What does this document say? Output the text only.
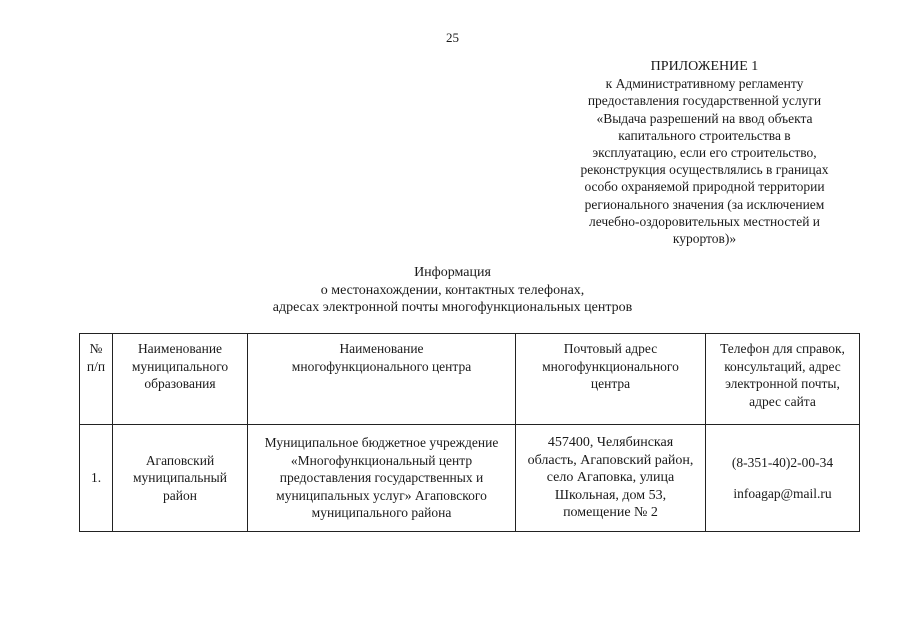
25
ПРИЛОЖЕНИЕ 1
к Административному регламенту
предоставления государственной услуги
«Выдача разрешений на ввод объекта
капитального строительства в
эксплуатацию, если его строительство,
реконструкция осуществлялись в границах
особо охраняемой природной территории
регионального значения (за исключением
лечебно-оздоровительных местностей и
курортов)»
Информация
о местонахождении, контактных телефонах,
адресах электронной почты многофункциональных центров
№
п/п	Наименование
муниципального
образования	Наименование
многофункционального центра	Почтовый адрес
многофункционального
центра	Телефон для справок,
консультаций, адрес
электронной почты,
адрес сайта

1.	Агаповский
муниципальный
район	Муниципальное бюджетное учреждение
«Многофункциональный центр
предоставления государственных и
муниципальных услуг» Агаповского
муниципального района	457400, Челябинская
область, Агаповский район,
село Агаповка, улица
Школьная, дом 53,
помещение № 2	(8-351-40)2-00-34
infoagap@mail.ru
